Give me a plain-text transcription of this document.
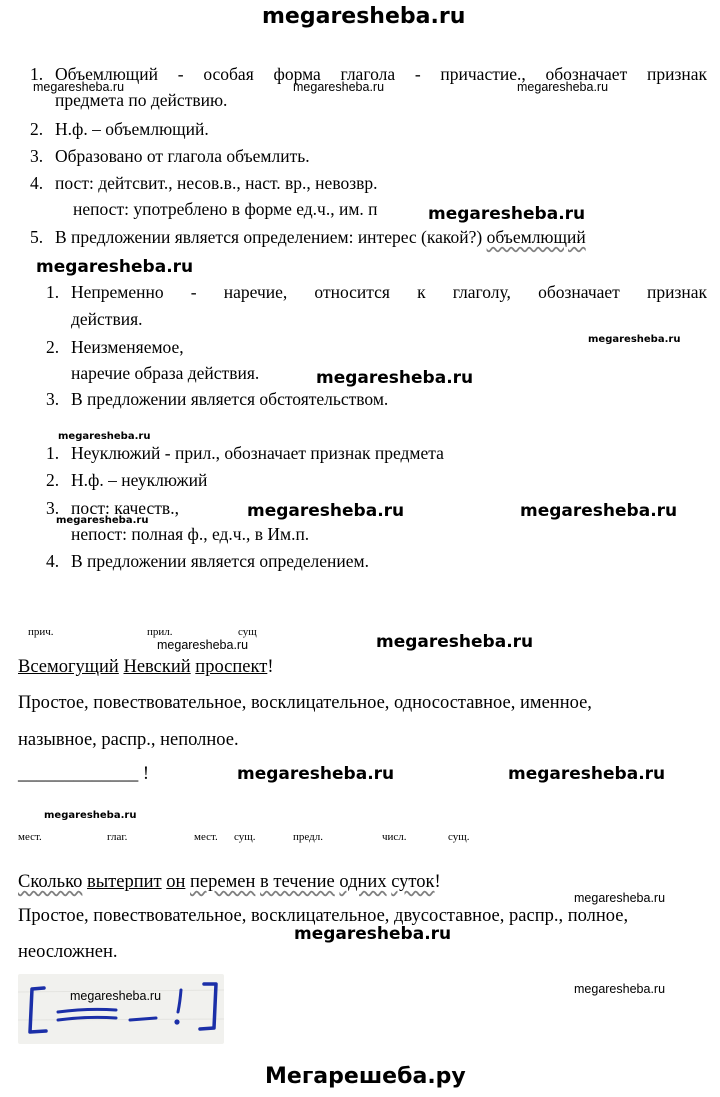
megaresheba.ru
1. Объемлющий - особая форма глагола - причастие., обозначает признак
предмета по действию.
2. Н.ф. – объемлющий.
3. Образовано от глагола объемлить.
4. пост: дейтсвит., несов.в., наст. вр., невозвр.
непост: употреблено в форме ед.ч., им. п
5. В предложении является определением: интерес (какой?) объемлющий
1. Непременно - наречие, относится к глаголу, обозначает признак
действия.
2. Неизменяемое,
наречие образа действия.
3. В предложении является обстоятельством.
1. Неуклюжий - прил., обозначает признак предмета
2. Н.ф. – неуклюжий
3. пост: качеств.,
непост: полная ф., ед.ч., в Им.п.
4. В предложении является определением.
прич.	прил.	сущ
Всемогущий Невский проспект!
Простое, повествовательное, восклицательное, односоставное, именное,
назывное, распр., неполное.
_____________ !
мест.	глаг.	мест. сущ.	предл.	числ.	сущ.
Сколько вытерпит он перемен в течение одних суток!
Простое, повествовательное, восклицательное, двусоставное, распр., полное,
неосложнен.
megaresheba.ru	megaresheba.ru	megaresheba.ru
megaresheba.ru
megaresheba.ru
megaresheba.ru
megaresheba.ru
megaresheba.ru
megaresheba.ru	megaresheba.ru
megaresheba.ru
megaresheba.ru	megaresheba.ru
megaresheba.ru	megaresheba.ru
megaresheba.ru
megaresheba.ru
megaresheba.ru
megaresheba.ru	megaresheba.ru
Мегарешеба.ру
